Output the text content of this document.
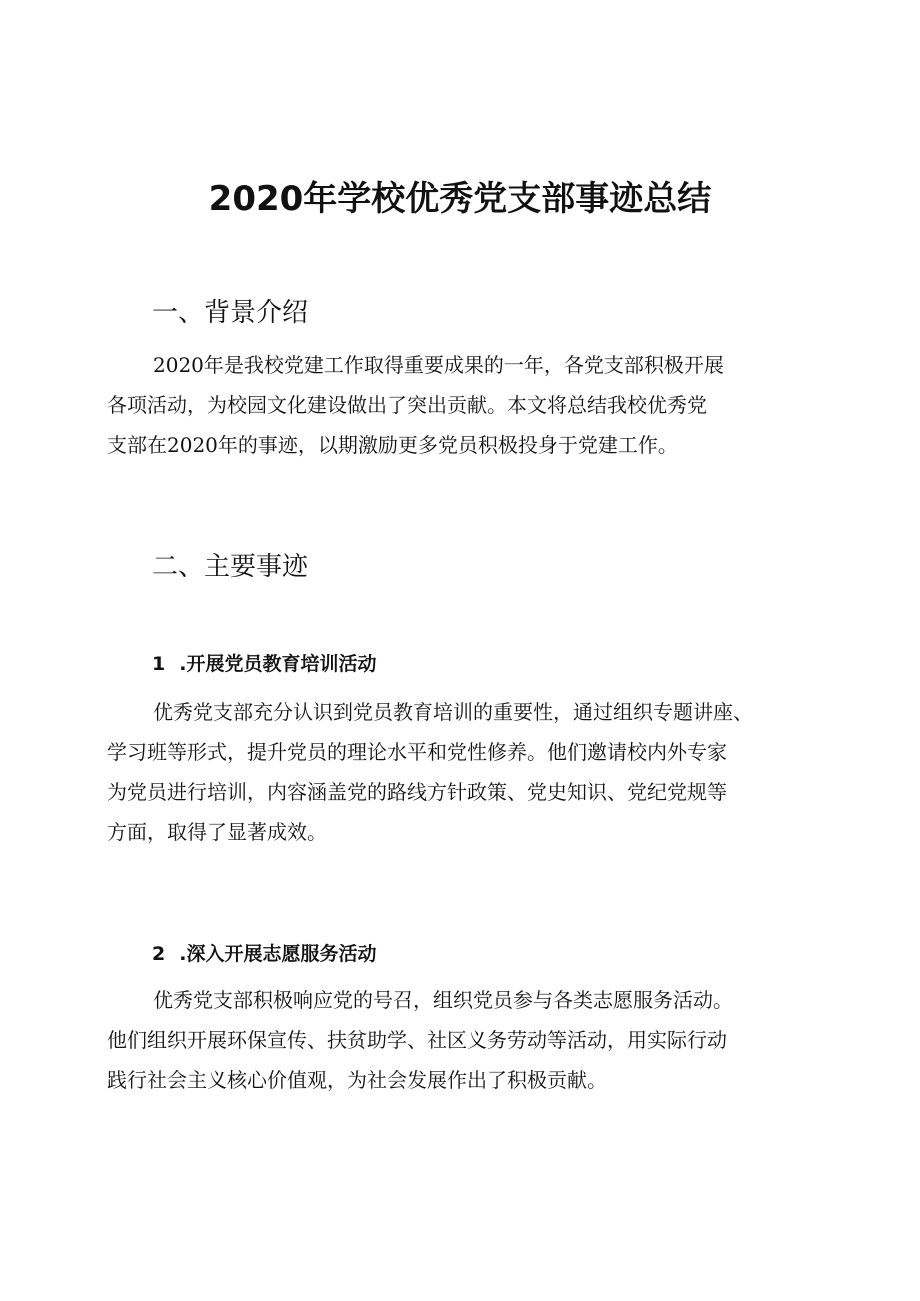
2020年学校优秀党支部事迹总结
一、背景介绍

2020年是我校党建工作取得重要成果的一年，各党支部积极开展
各项活动，为校园文化建设做出了突出贡献。本文将总结我校优秀党
支部在2020年的事迹，以期激励更多党员积极投身于党建工作。

二、主要事迹
1 .开展党员教育培训活动

优秀党支部充分认识到党员教育培训的重要性，通过组织专题讲座、
学习班等形式，提升党员的理论水平和党性修养。他们邀请校内外专家
为党员进行培训，内容涵盖党的路线方针政策、党史知识、党纪党规等
方面，取得了显著成效。

2 .深入开展志愿服务活动

优秀党支部积极响应党的号召，组织党员参与各类志愿服务活动。
他们组织开展环保宣传、扶贫助学、社区义务劳动等活动，用实际行动
践行社会主义核心价值观，为社会发展作出了积极贡献。
